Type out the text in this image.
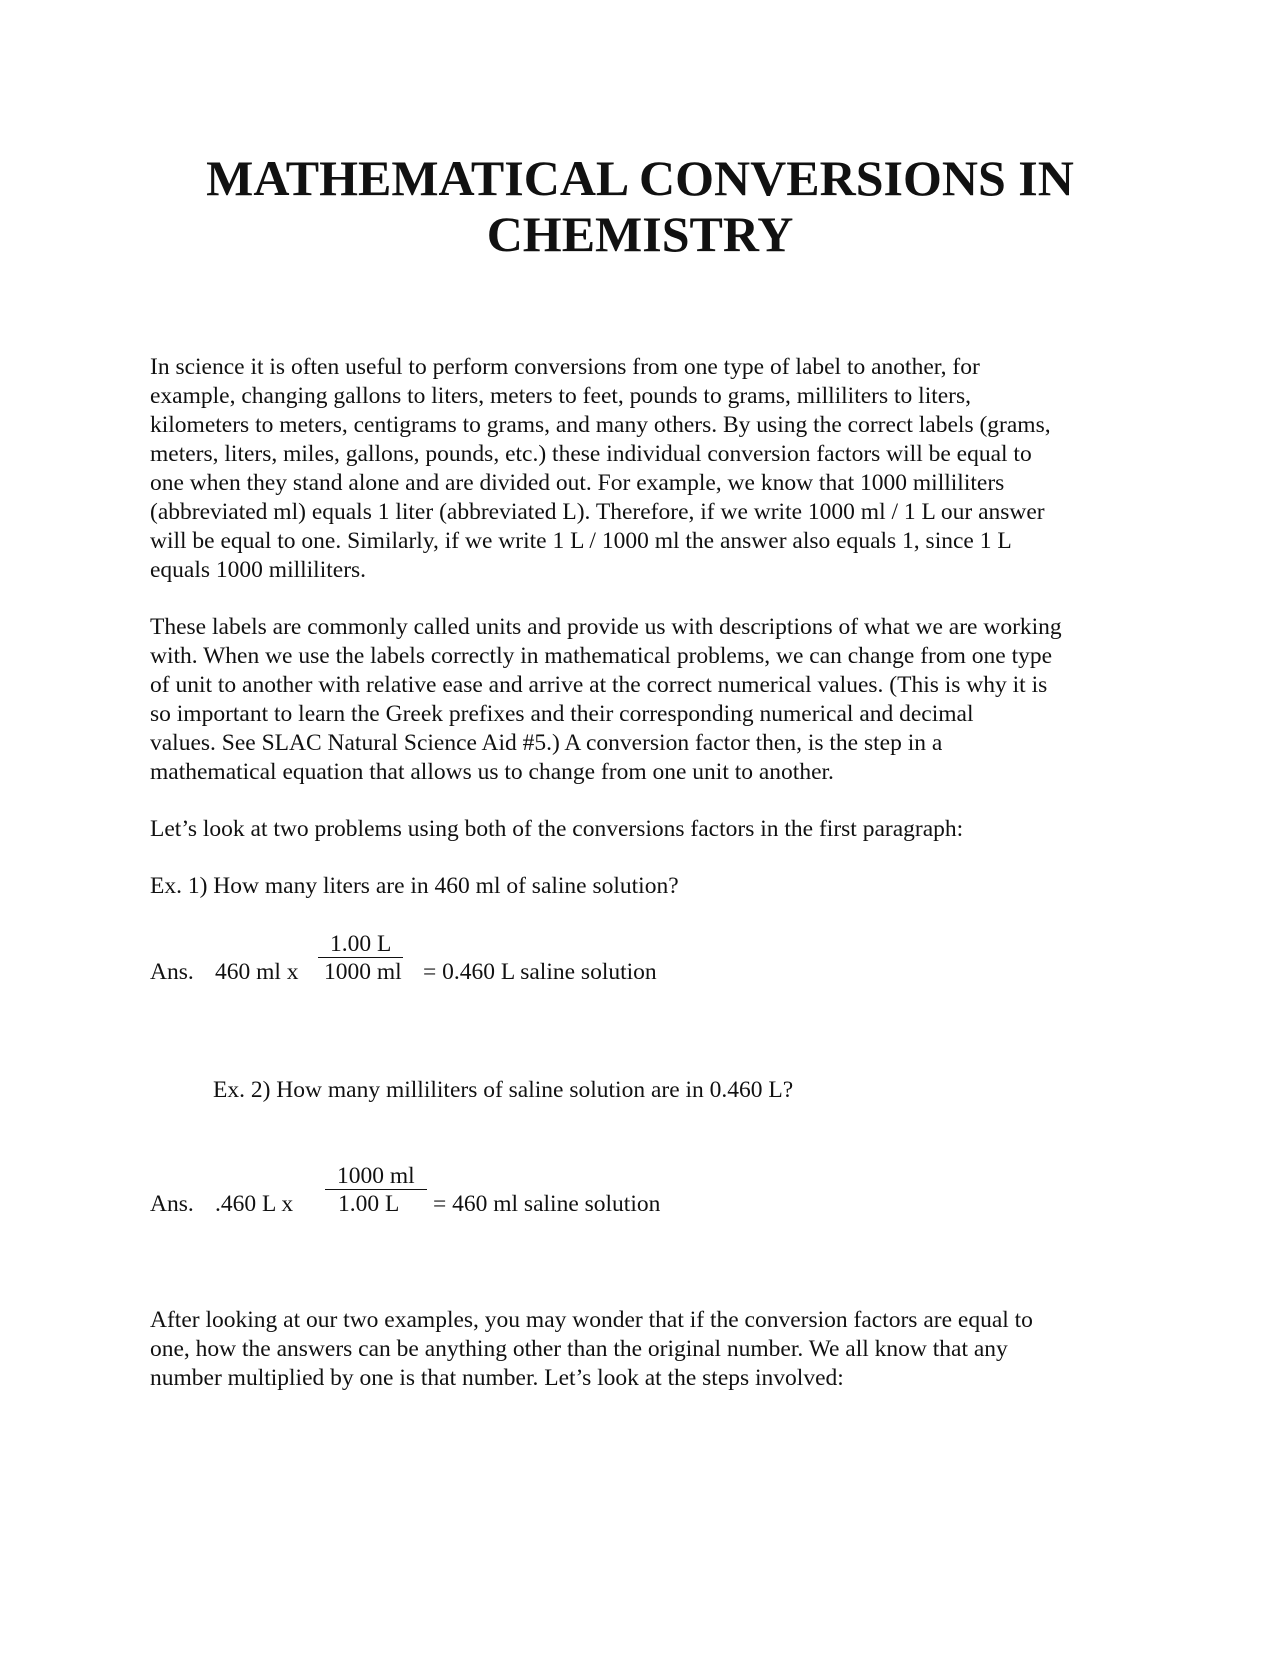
MATHEMATICAL CONVERSIONS IN
CHEMISTRY
In science it is often useful to perform conversions from one type of label to another, for
example, changing gallons to liters, meters to feet, pounds to grams, milliliters to liters,
kilometers to meters, centigrams to grams, and many others. By using the correct labels (grams,
meters, liters, miles, gallons, pounds, etc.) these individual conversion factors will be equal to
one when they stand alone and are divided out. For example, we know that 1000 milliliters
(abbreviated ml) equals 1 liter (abbreviated L). Therefore, if we write 1000 ml / 1 L our answer
will be equal to one. Similarly, if we write 1 L / 1000 ml the answer also equals 1, since 1 L
equals 1000 milliliters.
These labels are commonly called units and provide us with descriptions of what we are working
with. When we use the labels correctly in mathematical problems, we can change from one type
of unit to another with relative ease and arrive at the correct numerical values. (This is why it is
so important to learn the Greek prefixes and their corresponding numerical and decimal
values. See SLAC Natural Science Aid #5.) A conversion factor then, is the step in a
mathematical equation that allows us to change from one unit to another.
Let’s look at two problems using both of the conversions factors in the first paragraph:
Ex. 1) How many liters are in 460 ml of saline solution?
1.00 L
Ans. 460 ml x 1000 ml = 0.460 L saline solution
Ex. 2) How many milliliters of saline solution are in 0.460 L?
1000 ml
Ans. .460 L x 1.00 L = 460 ml saline solution
After looking at our two examples, you may wonder that if the conversion factors are equal to
one, how the answers can be anything other than the original number. We all know that any
number multiplied by one is that number. Let’s look at the steps involved:
